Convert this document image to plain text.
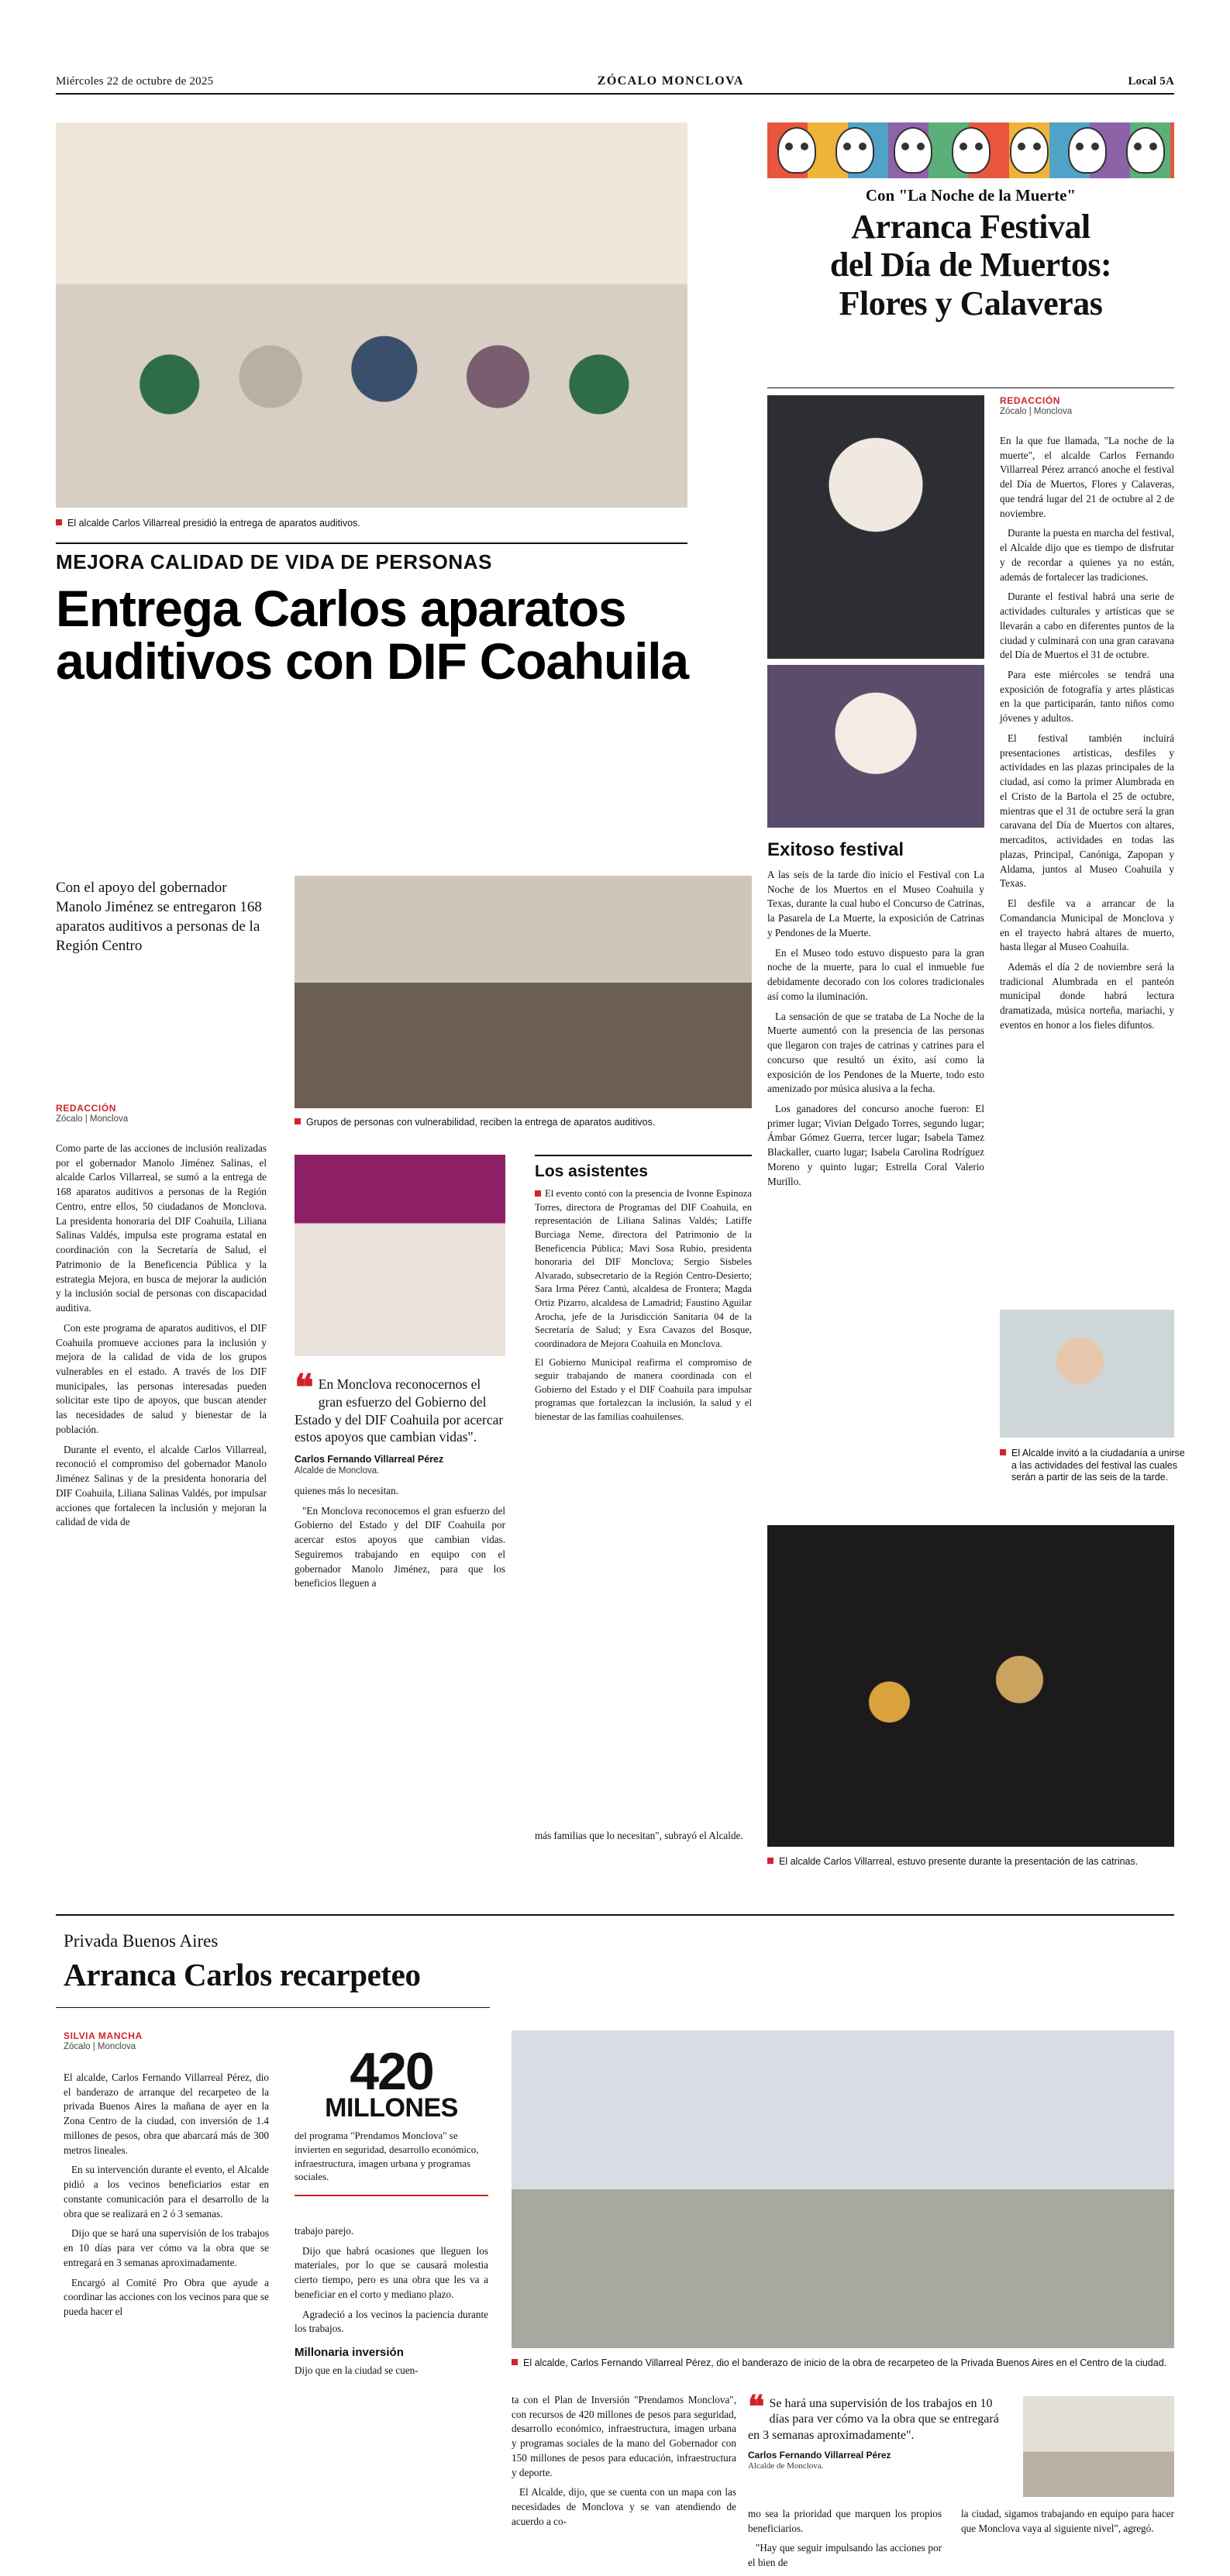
Miércoles 22 de octubre de 2025	ZÓCALO MONCLOVA	Local 5A
El alcalde Carlos Villarreal presidió la entrega de aparatos auditivos.
MEJORA CALIDAD DE VIDA DE PERSONAS
Entrega Carlos aparatos auditivos con DIF Coahuila
Con el apoyo del gobernador Manolo Jiménez se entregaron 168 aparatos auditivos a personas de la Región Centro
REDACCIÓN
Zócalo | Monclova

Como parte de las acciones de inclusión realizadas por el gobernador Manolo Jiménez Salinas, el alcalde Carlos Villarreal, se sumó a la entrega de 168 aparatos auditivos a personas de la Región Centro, entre ellos, 50 ciudadanos de Monclova. La presidenta honoraria del DIF Coahuila, Liliana Salinas Valdés, impulsa este programa estatal en coordinación con la Secretaría de Salud, el Patrimonio de la Beneficencia Pública y la estrategia Mejora, en busca de mejorar la audición y la inclusión social de personas con discapacidad auditiva.

Con este programa de aparatos auditivos, el DIF Coahuila promueve acciones para la inclusión y mejora de la calidad de vida de los grupos vulnerables en el estado. A través de los DIF municipales, las personas interesadas pueden solicitar este tipo de apoyos, que buscan atender las necesidades de salud y bienestar de la población.

Durante el evento, el alcalde Carlos Villarreal, reconoció el compromiso del gobernador Manolo Jiménez Salinas y de la presidenta honoraria del DIF Coahuila, Liliana Salinas Valdés, por impulsar acciones que fortalecen la inclusión y mejoran la calidad de vida de

Grupos de personas con vulnerabilidad, reciben la entrega de aparatos auditivos.
❝ En Monclova reconocernos el gran esfuerzo del Gobierno del Estado y del DIF Coahuila por acercar estos apoyos que cambian vidas".
Carlos Fernando Villarreal Pérez
Alcalde de Monclova.

quienes más lo necesitan.

"En Monclova reconocemos el gran esfuerzo del Gobierno del Estado y del DIF Coahuila por acercar estos apoyos que cambian vidas. Seguiremos trabajando en equipo con el gobernador Manolo Jiménez, para que los beneficios lleguen a

Los asistentes

El evento contó con la presencia de Ivonne Espinoza Torres, directora de Programas del DIF Coahuila, en representación de Liliana Salinas Valdés; Latiffe Burciaga Neme, directora del Patrimonio de la Beneficencia Pública; Mavi Sosa Rubio, presidenta honoraria del DIF Monclova; Sergio Sisbeles Alvarado, subsecretario de la Región Centro-Desierto; Sara Irma Pérez Cantú, alcaldesa de Frontera; Magda Ortiz Pizarro, alcaldesa de Lamadrid; Faustino Aguilar Arocha, jefe de la Jurisdicción Sanitaria 04 de la Secretaría de Salud; y Esra Cavazos del Bosque, coordinadora de Mejora Coahuila en Monclova.

El Gobierno Municipal reafirma el compromiso de seguir trabajando de manera coordinada con el Gobierno del Estado y el DIF Coahuila para impulsar programas que fortalezcan la inclusión, la salud y el bienestar de las familias coahuilenses.

más familias que lo necesitan", subrayó el Alcalde.

Con "La Noche de la Muerte"
Arranca Festival
del Día de Muertos:
Flores y Calaveras
REDACCIÓN
Zócalo | Monclova

En la que fue llamada, "La noche de la muerte", el alcalde Carlos Fernando Villarreal Pérez arrancó anoche el festival del Día de Muertos, Flores y Calaveras, que tendrá lugar del 21 de octubre al 2 de noviembre.

Durante la puesta en marcha del festival, el Alcalde dijo que es tiempo de disfrutar y de recordar a quienes ya no están, además de fortalecer las tradiciones.

Durante el festival habrá una serie de actividades culturales y artísticas que se llevarán a cabo en diferentes puntos de la ciudad y culminará con una gran caravana del Día de Muertos el 31 de octubre.

Para este miércoles se tendrá una exposición de fotografía y artes plásticas en la que participarán, tanto niños como jóvenes y adultos.

El festival también incluirá presentaciones artísticas, desfiles y actividades en las plazas principales de la ciudad, así como la primer Alumbrada en el Cristo de la Bartola el 25 de octubre, mientras que el 31 de octubre será la gran caravana del Día de Muertos con altares, mercaditos, actividades en todas las plazas, Principal, Canóniga, Zapopan y Aldama, juntos al Museo Coahuila y Texas.

El desfile va a arrancar de la Comandancia Municipal de Monclova y en el trayecto habrá altares de muerto, hasta llegar al Museo Coahuila.

Además el día 2 de noviembre será la tradicional Alumbrada en el panteón municipal donde habrá lectura dramatizada, música norteña, mariachi, y eventos en honor a los fieles difuntos.

Exitoso festival

A las seis de la tarde dio inicio el Festival con La Noche de los Muertos en el Museo Coahuila y Texas, durante la cual hubo el Concurso de Catrinas, la Pasarela de La Muerte, la exposición de Catrinas y Pendones de la Muerte.

En el Museo todo estuvo dispuesto para la gran noche de la muerte, para lo cual el inmueble fue debidamente decorado con los colores tradicionales así como la iluminación.

La sensación de que se trataba de La Noche de la Muerte aumentó con la presencia de las personas que llegaron con trajes de catrinas y catrines para el concurso que resultó un éxito, así como la exposición de los Pendones de la Muerte, todo esto amenizado por música alusiva a la fecha.

Los ganadores del concurso anoche fueron: El primer lugar; Vivian Delgado Torres, segundo lugar; Ámbar Gómez Guerra, tercer lugar; Isabela Tamez Blackaller, cuarto lugar; Isabela Carolina Rodríguez Moreno y quinto lugar; Estrella Coral Valerio Murillo.

El Alcalde invitó a la ciudadanía a unirse a las actividades del festival las cuales serán a partir de las seis de la tarde.
El alcalde Carlos Villarreal, estuvo presente durante la presentación de las catrinas.
Privada Buenos Aires
Arranca Carlos recarpeteo
SILVIA MANCHA
Zócalo | Monclova

El alcalde, Carlos Fernando Villarreal Pérez, dio el banderazo de arranque del recarpeteo de la privada Buenos Aires la mañana de ayer en la Zona Centro de la ciudad, con inversión de 1.4 millones de pesos, obra que abarcará más de 300 metros lineales.

En su intervención durante el evento, el Alcalde pidió a los vecinos beneficiarios estar en constante comunicación para el desarrollo de la obra que se realizará en 2 ó 3 semanas.

Dijo que se hará una supervisión de los trabajos en 10 días para ver cómo va la obra que se entregará en 3 semanas aproximadamente.

Encargó al Comité Pro Obra que ayude a coordinar las acciones con los vecinos para que se pueda hacer el

420
MILLONES
del programa "Prendamos Monclova" se invierten en seguridad, desarrollo económico, infraestructura, imagen urbana y programas sociales.

trabajo parejo.

Dijo que habrá ocasiones que lleguen los materiales, por lo que se causará molestia cierto tiempo, pero es una obra que les va a beneficiar en el corto y mediano plazo.

Agradeció a los vecinos la paciencia durante los trabajos.

Millonaria inversión

Dijo que en la ciudad se cuen-

El alcalde, Carlos Fernando Villarreal Pérez, dio el banderazo de inicio de la obra de recarpeteo de la Privada Buenos Aires en el Centro de la ciudad.

ta con el Plan de Inversión "Prendamos Monclova", con recursos de 420 millones de pesos para seguridad, desarrollo económico, infraestructura, imagen urbana y programas sociales de la mano del Gobernador con 150 millones de pesos para educación, infraestructura y deporte.

El Alcalde, dijo, que se cuenta con un mapa con las necesidades de Monclova y se van atendiendo de acuerdo a co-

❝ Se hará una supervisión de los trabajos en 10 días para ver cómo va la obra que se entregará en 3 semanas aproximadamente".
Carlos Fernando Villarreal Pérez
Alcalde de Monclova.

mo sea la prioridad que marquen los propios beneficiarios.

"Hay que seguir impulsando las acciones por el bien de

la ciudad, sigamos trabajando en equipo para hacer que Monclova vaya al siguiente nivel", agregó.
